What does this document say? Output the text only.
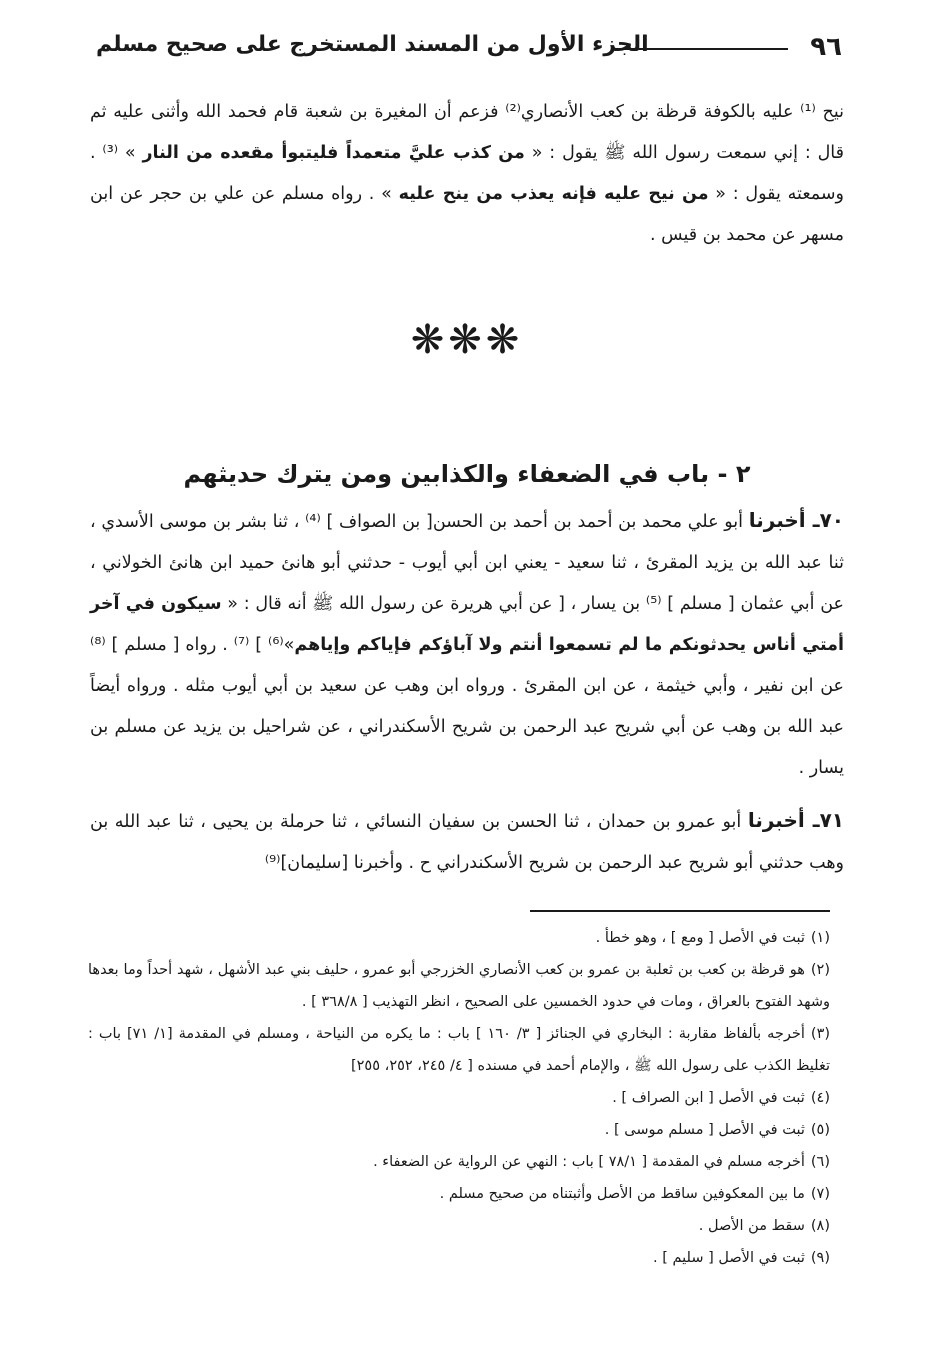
٩٦
الجزء الأول من المسند المستخرج على صحيح مسلم

نيح ⁽¹⁾ عليه بالكوفة قرظة بن كعب الأنصاري⁽²⁾ فزعم أن المغيرة بن شعبة قام فحمد الله وأثنى عليه ثم قال : إني سمعت رسول الله ﷺ يقول : « من كذب عليَّ متعمداً فليتبوأ مقعده من النار » ⁽³⁾ . وسمعته يقول : « من نيح عليه فإنه يعذب من ينح عليه » . رواه مسلم عن علي بن حجر عن ابن مسهر عن محمد بن قيس .

❋❋❋
٢ - باب في الضعفاء والكذابين ومن يترك حديثهم

٧٠ـ أخبرنا أبو علي محمد بن أحمد بن أحمد بن الحسن[ بن الصواف ] ⁽⁴⁾ ، ثنا بشر بن موسى الأسدي ، ثنا عبد الله بن يزيد المقرئ ، ثنا سعيد - يعني ابن أبي أيوب - حدثني أبو هانئ حميد ابن هانئ الخولاني ، عن أبي عثمان [ مسلم ] ⁽⁵⁾ بن يسار ، [ عن أبي هريرة عن رسول الله ﷺ أنه قال : « سيكون في آخر أمتي أناس يحدثونكم ما لم تسمعوا أنتم ولا آباؤكم فإياكم وإياهم»⁽⁶⁾ ] ⁽⁷⁾ . رواه [ مسلم ] ⁽⁸⁾ عن ابن نفير ، وأبي خيثمة ، عن ابن المقرئ . ورواه ابن وهب عن سعيد بن أبي أيوب مثله . ورواه أيضاً عبد الله بن وهب عن أبي شريح عبد الرحمن بن شريح الأسكندراني ، عن شراحيل بن يزيد عن مسلم بن يسار .

٧١ـ أخبرنا أبو عمرو بن حمدان ، ثنا الحسن بن سفيان النسائي ، ثنا حرملة بن يحيى ، ثنا عبد الله بن وهب حدثني أبو شريح عبد الرحمن بن شريح الأسكندراني ح . وأخبرنا [سليمان]⁽⁹⁾

(١)ثبت في الأصل [ ومع ] ، وهو خطأ .
(٢)هو قرظة بن كعب بن ثعلبة بن عمرو بن كعب الأنصاري الخزرجي أبو عمرو ، حليف بني عبد الأشهل ، شهد أحداً وما بعدها وشهد الفتوح بالعراق ، ومات في حدود الخمسين على الصحيح ، انظر التهذيب [ ٣٦٨/٨ ] .
(٣)أخرجه بألفاظ مقاربة : البخاري في الجنائز [ ٣/ ١٦٠ ] باب : ما يكره من النياحة ، ومسلم في المقدمة [١/ ٧١] باب : تغليظ الكذب على رسول الله ﷺ ، والإمام أحمد في مسنده [ ٤/ ٢٤٥، ٢٥٢، ٢٥٥]
(٤)ثبت في الأصل [ ابن الصراف ] .
(٥)ثبت في الأصل [ مسلم موسى ] .
(٦)أخرجه مسلم في المقدمة [ ٧٨/١ ] باب : النهي عن الرواية عن الضعفاء .
(٧)ما بين المعكوفين ساقط من الأصل وأثبتناه من صحيح مسلم .
(٨)سقط من الأصل .
(٩)ثبت في الأصل [ سليم ] .
